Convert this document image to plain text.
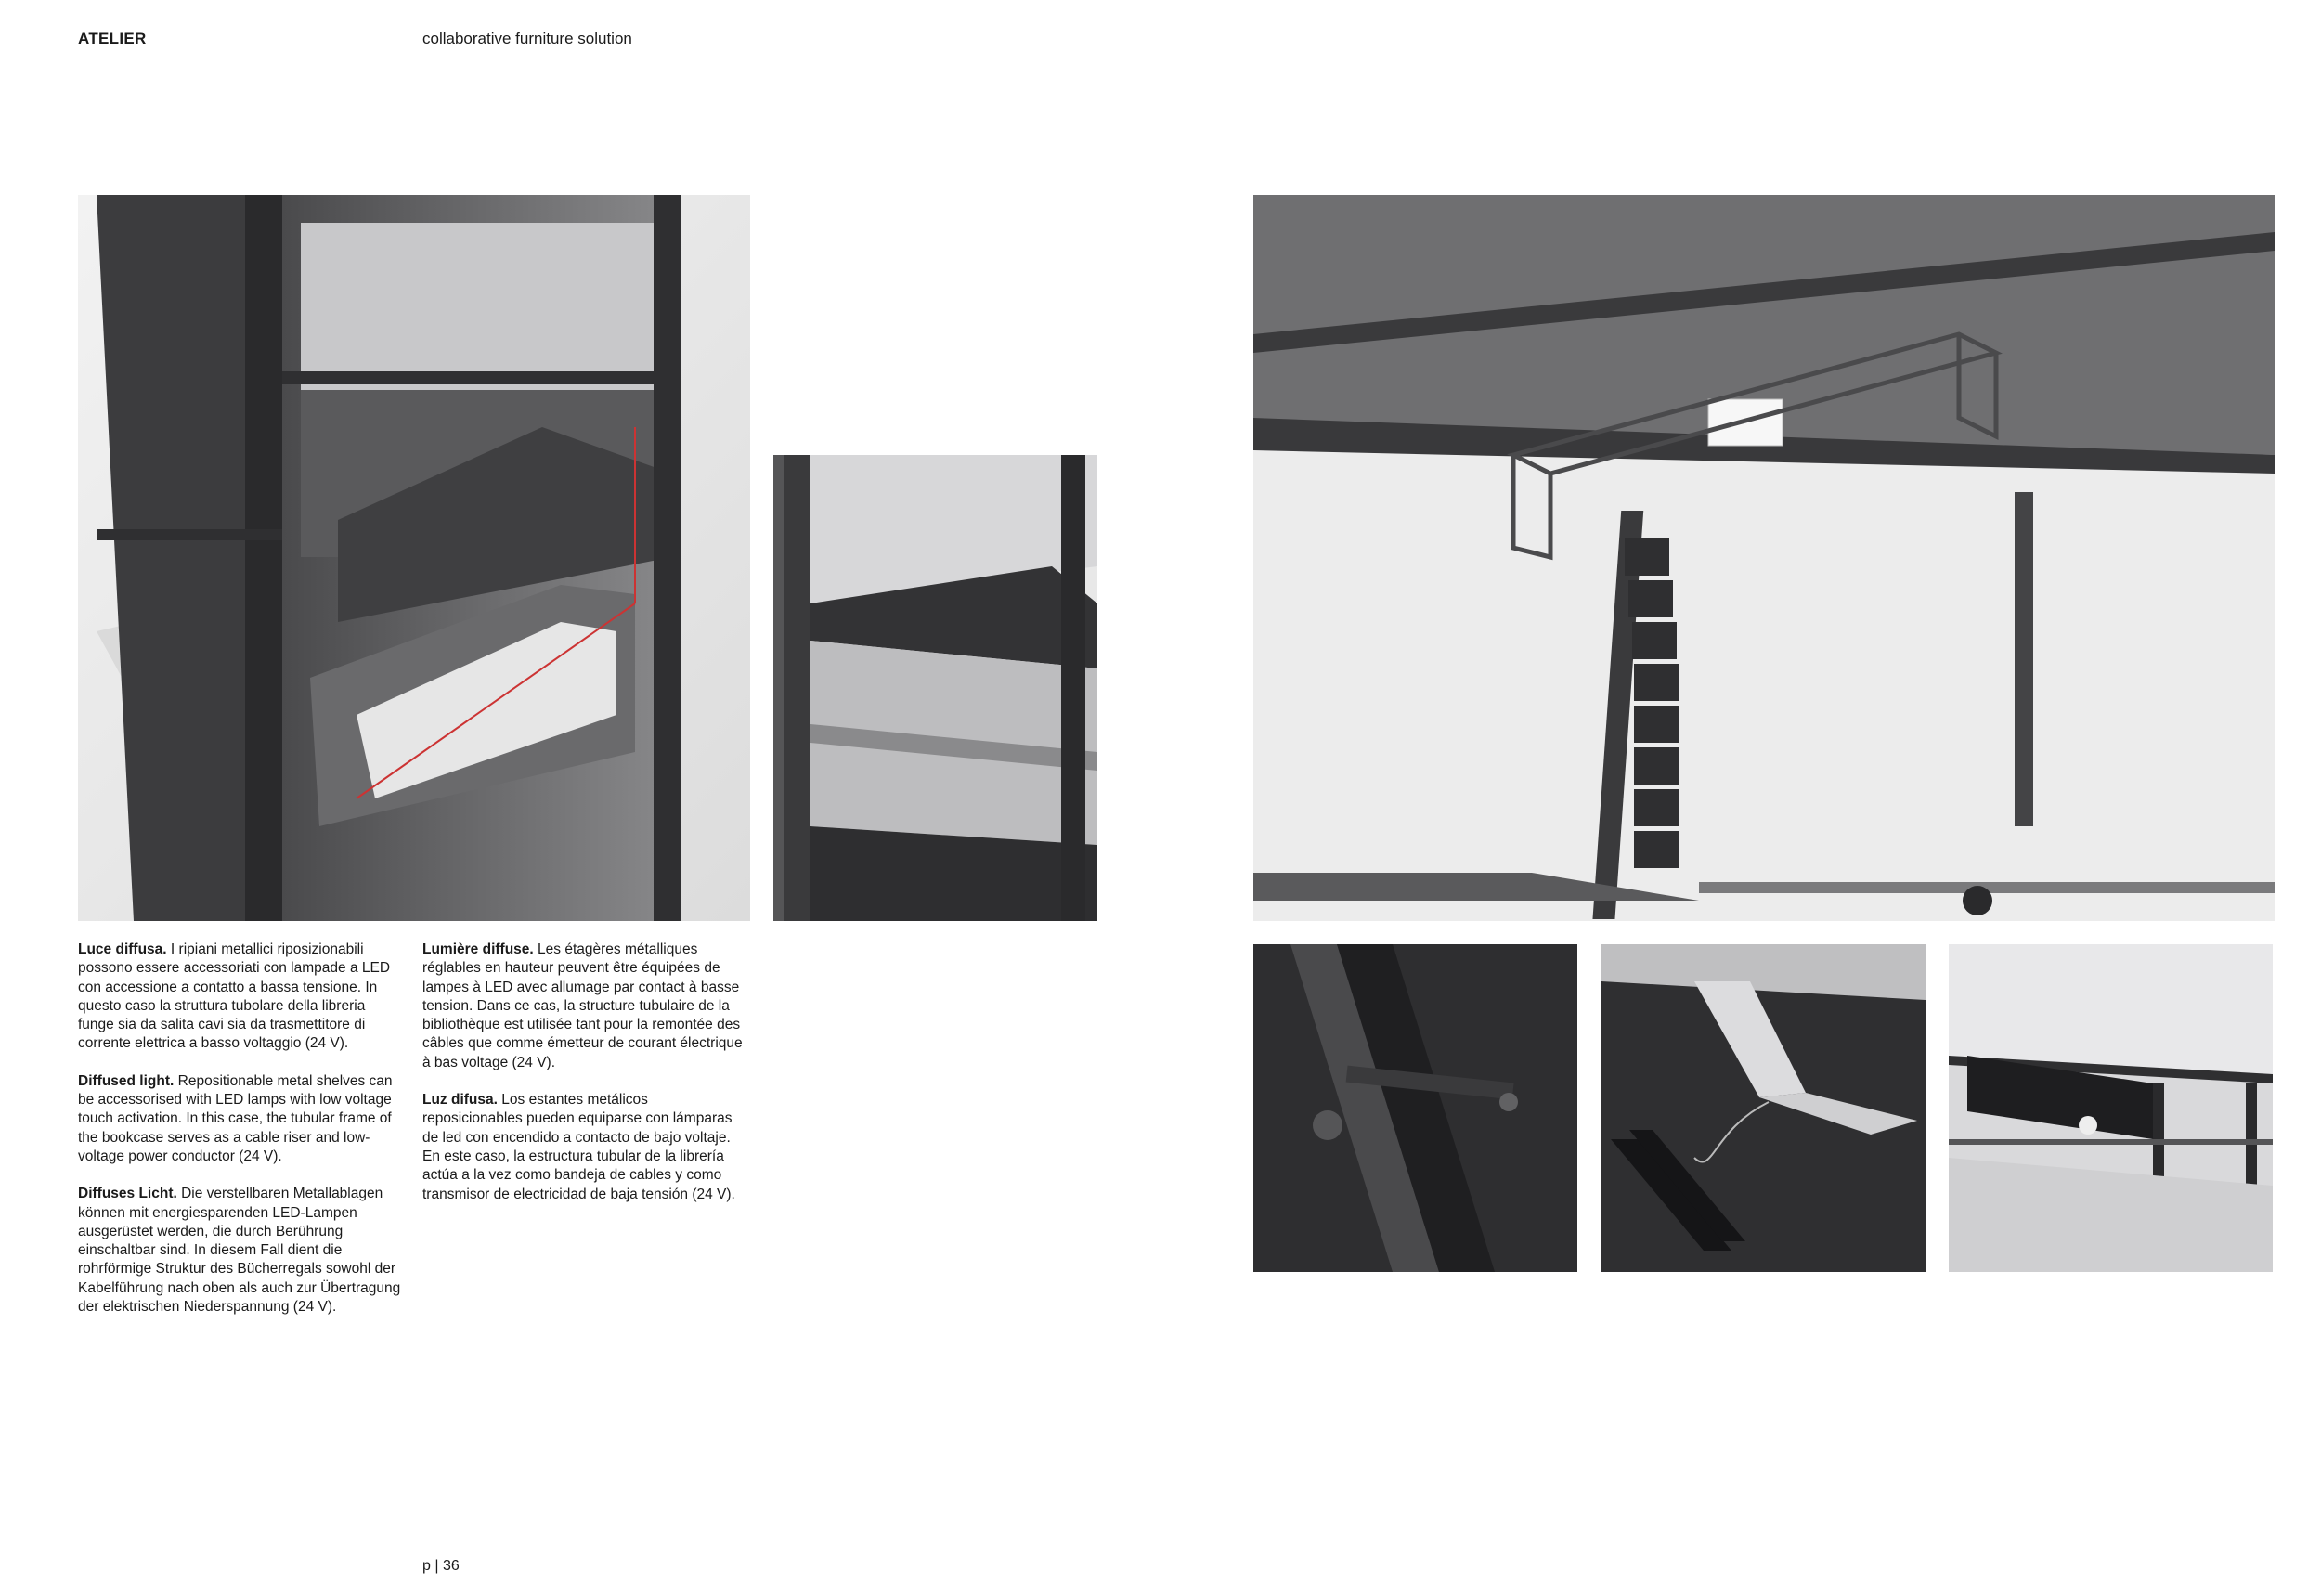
ATELIER	collaborative furniture solution

Luce diffusa. I ripiani metallici riposizionabili possono essere accessoriati con lampade a LED con accessione a contatto a bassa tensione. In questo caso la struttura tubolare della libreria funge sia da salita cavi sia da trasmettitore di corrente elettrica a basso voltaggio (24 V).

Diffused light. Repositionable metal shelves can be accessorised with LED lamps with low voltage touch activation. In this case, the tubular frame of the bookcase serves as a cable riser and low-voltage power conductor (24 V).

Diffuses Licht. Die verstellbaren Metallablagen können mit energiesparenden LED-Lampen ausgerüstet werden, die durch Berührung einschaltbar sind. In diesem Fall dient die rohrförmige Struktur des Bücherregals sowohl der Kabelführung nach oben als auch zur Übertragung der elektrischen Niederspannung (24 V).

Lumière diffuse. Les étagères métalliques réglables en hauteur peuvent être équipées de lampes à LED avec allumage par contact à basse tension. Dans ce cas, la structure tubulaire de la bibliothèque est utilisée tant pour la remontée des câbles que comme émetteur de courant électrique à bas voltage (24 V).

Luz difusa. Los estantes metálicos reposicionables pueden equiparse con lámparas de led con encendido a contacto de bajo voltaje. En este caso, la estructura tubular de la librería actúa a la vez como bandeja de cables y como transmisor de electricidad de baja tensión (24 V).

p | 36
